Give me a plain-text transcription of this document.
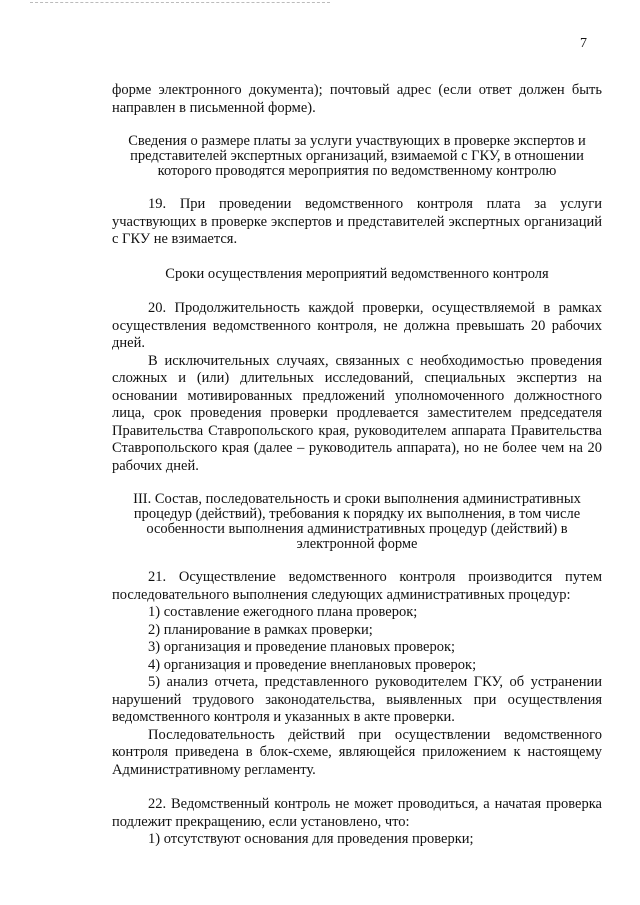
7

форме электронного документа); почтовый адрес (если ответ должен быть направлен в письменной форме).

Сведения о размере платы за услуги участвующих в проверке экспертов и представителей экспертных организаций, взимаемой с ГКУ, в отношении которого проводятся мероприятия по ведомственному контролю

19. При проведении ведомственного контроля плата за услуги участвующих в проверке экспертов и представителей экспертных организаций с ГКУ не взимается.

Сроки осуществления мероприятий ведомственного контроля

20. Продолжительность каждой проверки, осуществляемой в рамках осуществления ведомственного контроля, не должна превышать 20 рабочих дней.

В исключительных случаях, связанных с необходимостью проведения сложных и (или) длительных исследований, специальных экспертиз на основании мотивированных предложений уполномоченного должностного лица, срок проведения проверки продлевается заместителем председателя Правительства Ставропольского края, руководителем аппарата Правительства Ставропольского края (далее – руководитель аппарата), но не более чем на 20 рабочих дней.

III. Состав, последовательность и сроки выполнения административных процедур (действий), требования к порядку их выполнения, в том числе особенности выполнения административных процедур (действий) в электронной форме

21. Осуществление ведомственного контроля производится путем последовательного выполнения следующих административных процедур:

1) составление ежегодного плана проверок;

2) планирование в рамках проверки;

3) организация и проведение плановых проверок;

4) организация и проведение внеплановых проверок;

5) анализ отчета, представленного руководителем ГКУ, об устранении нарушений трудового законодательства, выявленных при осуществления ведомственного контроля и указанных в акте проверки.

Последовательность действий при осуществлении ведомственного контроля приведена в блок-схеме, являющейся приложением к настоящему Административному регламенту.

22. Ведомственный контроль не может проводиться, а начатая проверка подлежит прекращению, если установлено, что:

1) отсутствуют основания для проведения проверки;
